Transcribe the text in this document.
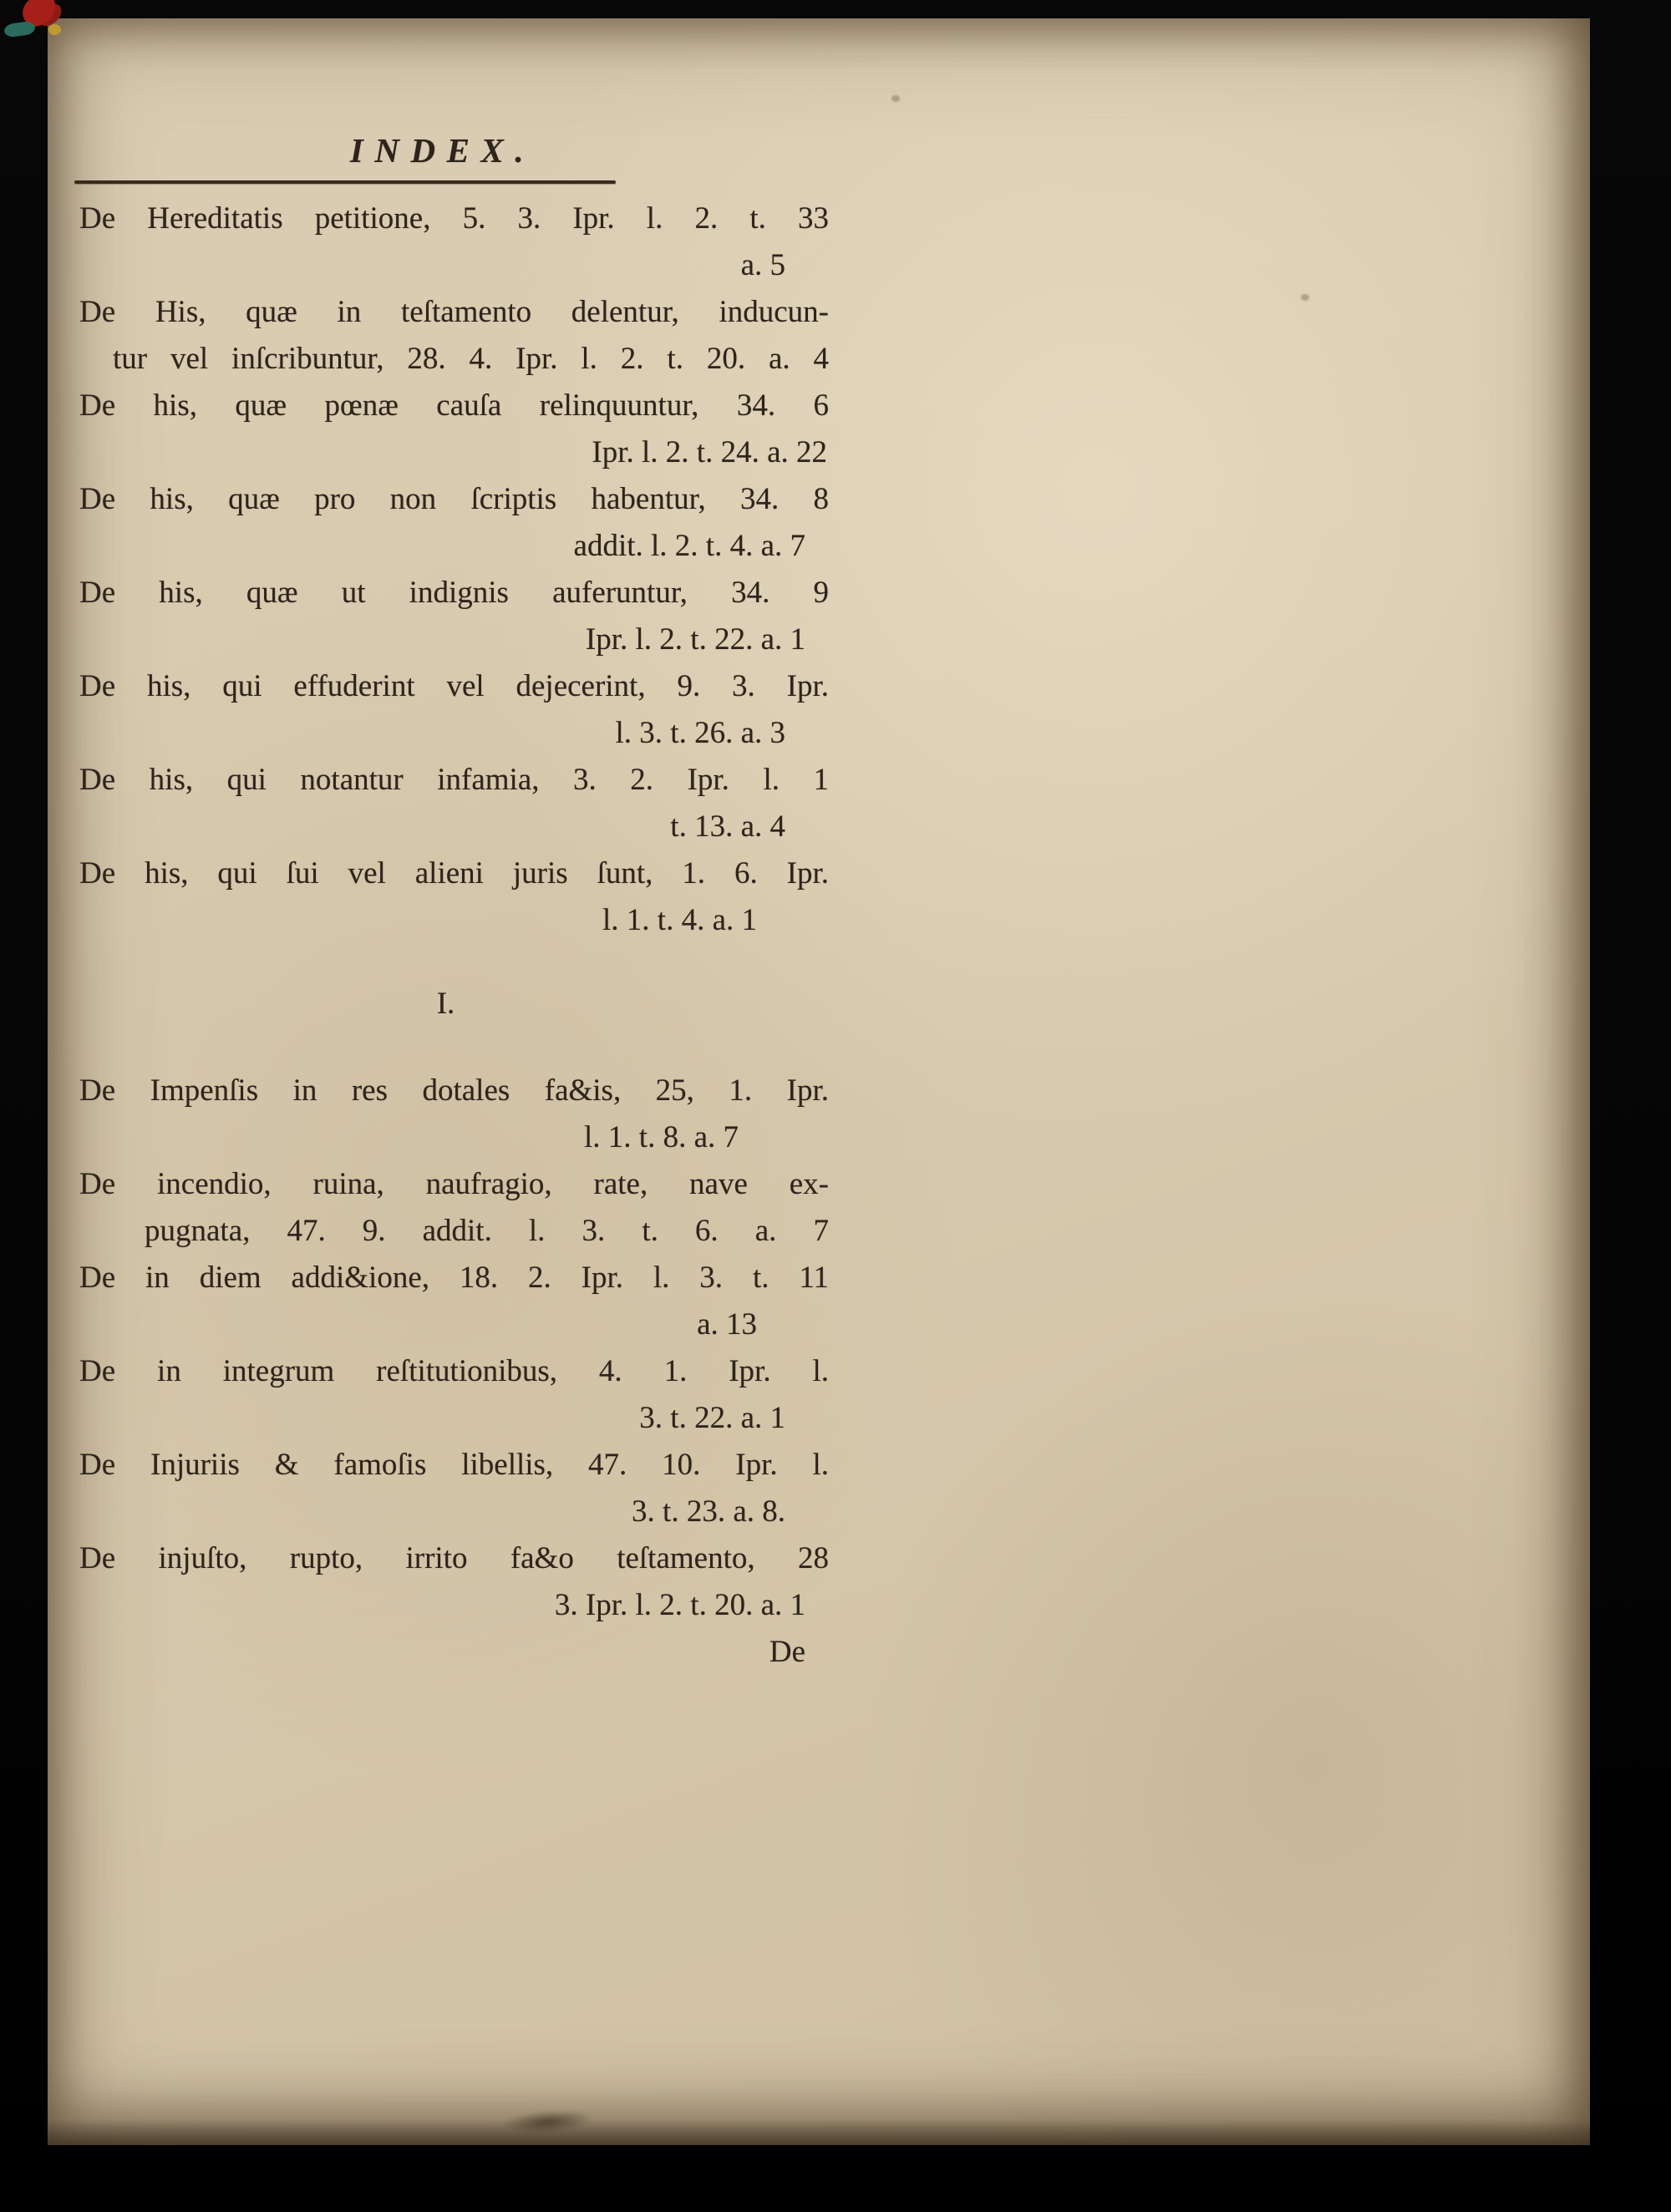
INDEX.
De Hereditatis petitione, 5. 3. Ipr. l. 2. t. 33
a. 5
De His, quæ in teſtamento delentur, inducun-
tur vel inſcribuntur, 28. 4. Ipr. l. 2. t. 20. a. 4
De his, quæ pœnæ cauſa relinquuntur, 34. 6
Ipr. l. 2. t. 24. a. 22
De his, quæ pro non ſcriptis habentur, 34. 8
addit. l. 2. t. 4. a. 7
De his, quæ ut indignis auferuntur, 34. 9
Ipr. l. 2. t. 22. a. 1
De his, qui effuderint vel dejecerint, 9. 3. Ipr.
l. 3. t. 26. a. 3
De his, qui notantur infamia, 3. 2. Ipr. l. 1
t. 13. a. 4
De his, qui ſui vel alieni juris ſunt, 1. 6. Ipr.
l. 1. t. 4. a. 1
I.
De Impenſis in res dotales fa&is, 25, 1. Ipr.
l. 1. t. 8. a. 7
De incendio, ruina, naufragio, rate, nave ex-
pugnata, 47. 9. addit. l. 3. t. 6. a. 7
De in diem addi&ione, 18. 2. Ipr. l. 3. t. 11
a. 13
De in integrum reſtitutionibus, 4. 1. Ipr. l.
3. t. 22. a. 1
De Injuriis & famoſis libellis, 47. 10. Ipr. l.
3. t. 23. a. 8.
De injuſto, rupto, irrito fa&o teſtamento, 28
3. Ipr. l. 2. t. 20. a. 1
De
